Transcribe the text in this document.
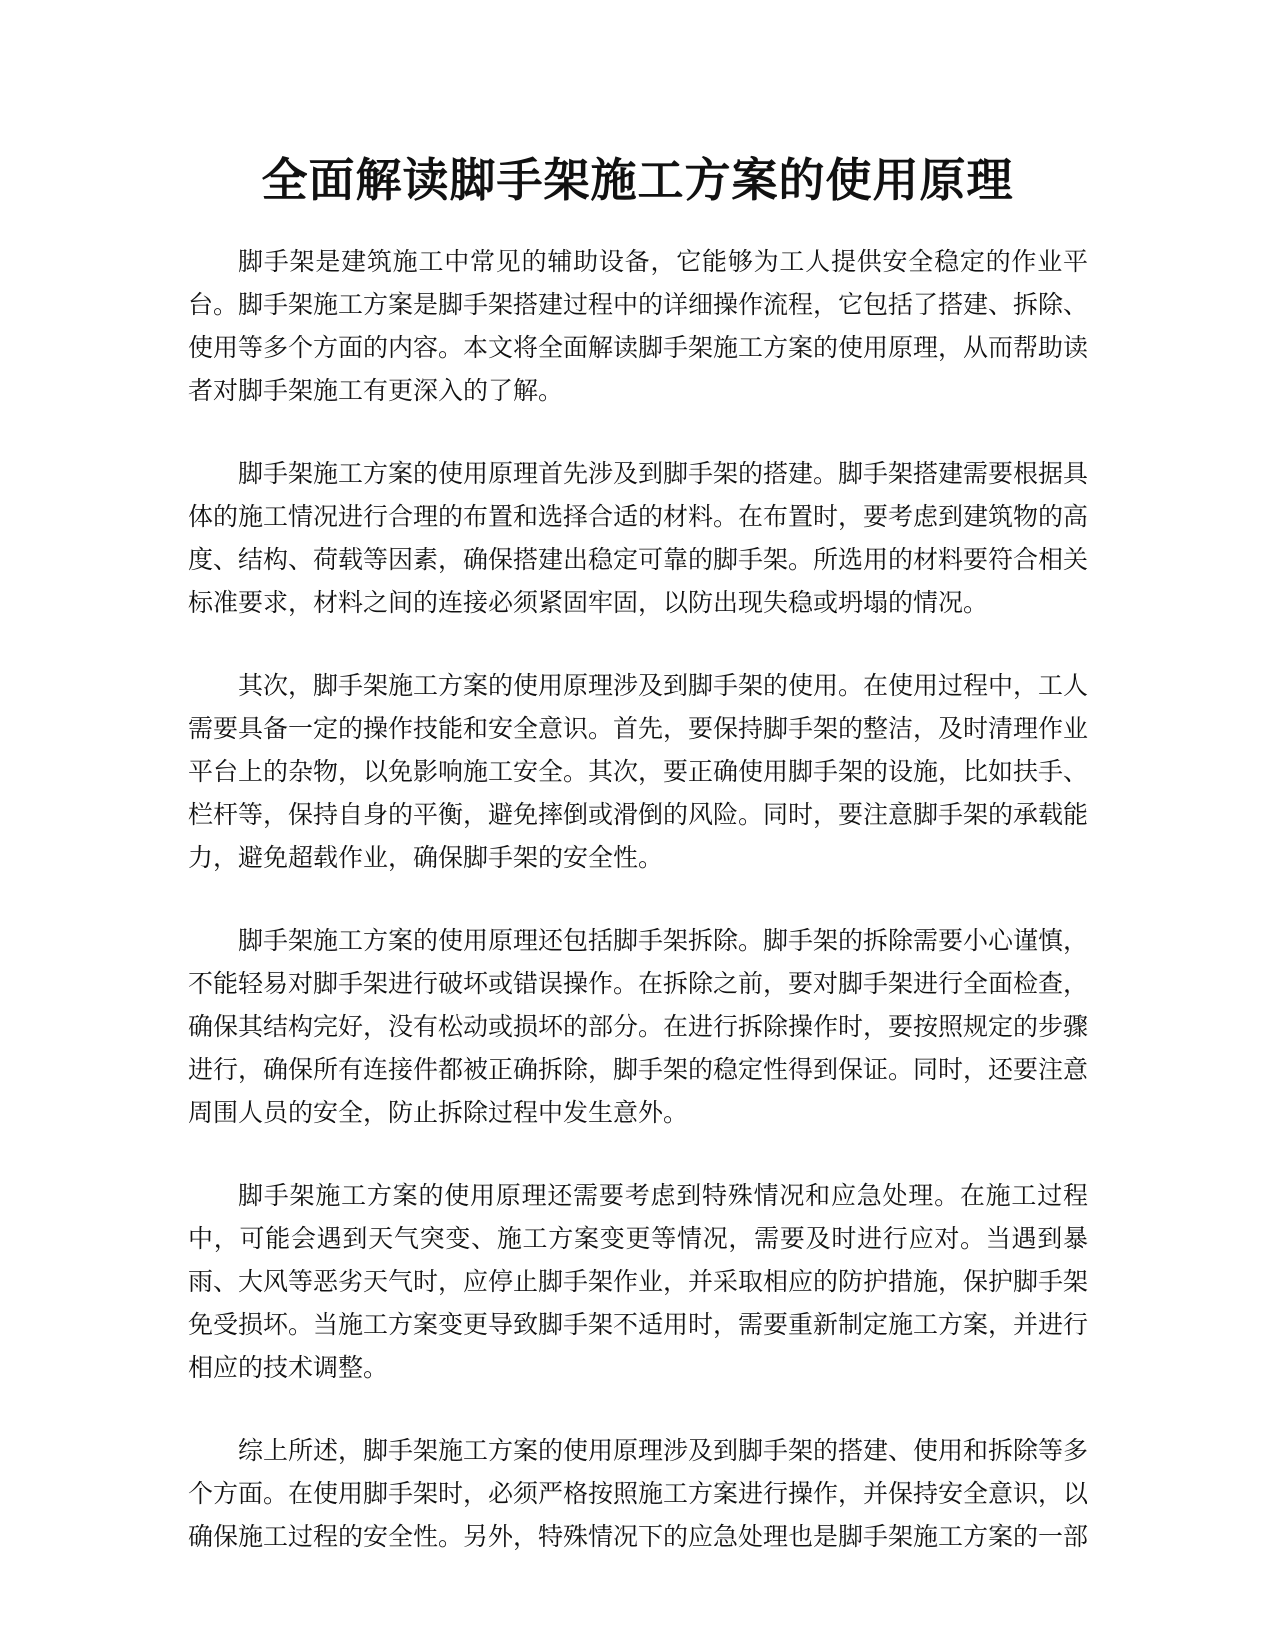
全面解读脚手架施工方案的使用原理

脚手架是建筑施工中常见的辅助设备，它能够为工人提供安全稳定的作业平台。脚手架施工方案是脚手架搭建过程中的详细操作流程，它包括了搭建、拆除、使用等多个方面的内容。本文将全面解读脚手架施工方案的使用原理，从而帮助读者对脚手架施工有更深入的了解。

脚手架施工方案的使用原理首先涉及到脚手架的搭建。脚手架搭建需要根据具体的施工情况进行合理的布置和选择合适的材料。在布置时，要考虑到建筑物的高度、结构、荷载等因素，确保搭建出稳定可靠的脚手架。所选用的材料要符合相关标准要求，材料之间的连接必须紧固牢固，以防出现失稳或坍塌的情况。

其次，脚手架施工方案的使用原理涉及到脚手架的使用。在使用过程中，工人需要具备一定的操作技能和安全意识。首先，要保持脚手架的整洁，及时清理作业平台上的杂物，以免影响施工安全。其次，要正确使用脚手架的设施，比如扶手、栏杆等，保持自身的平衡，避免摔倒或滑倒的风险。同时，要注意脚手架的承载能力，避免超载作业，确保脚手架的安全性。

脚手架施工方案的使用原理还包括脚手架拆除。脚手架的拆除需要小心谨慎，不能轻易对脚手架进行破坏或错误操作。在拆除之前，要对脚手架进行全面检查，确保其结构完好，没有松动或损坏的部分。在进行拆除操作时，要按照规定的步骤进行，确保所有连接件都被正确拆除，脚手架的稳定性得到保证。同时，还要注意周围人员的安全，防止拆除过程中发生意外。

脚手架施工方案的使用原理还需要考虑到特殊情况和应急处理。在施工过程中，可能会遇到天气突变、施工方案变更等情况，需要及时进行应对。当遇到暴雨、大风等恶劣天气时，应停止脚手架作业，并采取相应的防护措施，保护脚手架免受损坏。当施工方案变更导致脚手架不适用时，需要重新制定施工方案，并进行相应的技术调整。

综上所述，脚手架施工方案的使用原理涉及到脚手架的搭建、使用和拆除等多个方面。在使用脚手架时，必须严格按照施工方案进行操作，并保持安全意识，以确保施工过程的安全性。另外，特殊情况下的应急处理也是脚手架施工方案的一部
